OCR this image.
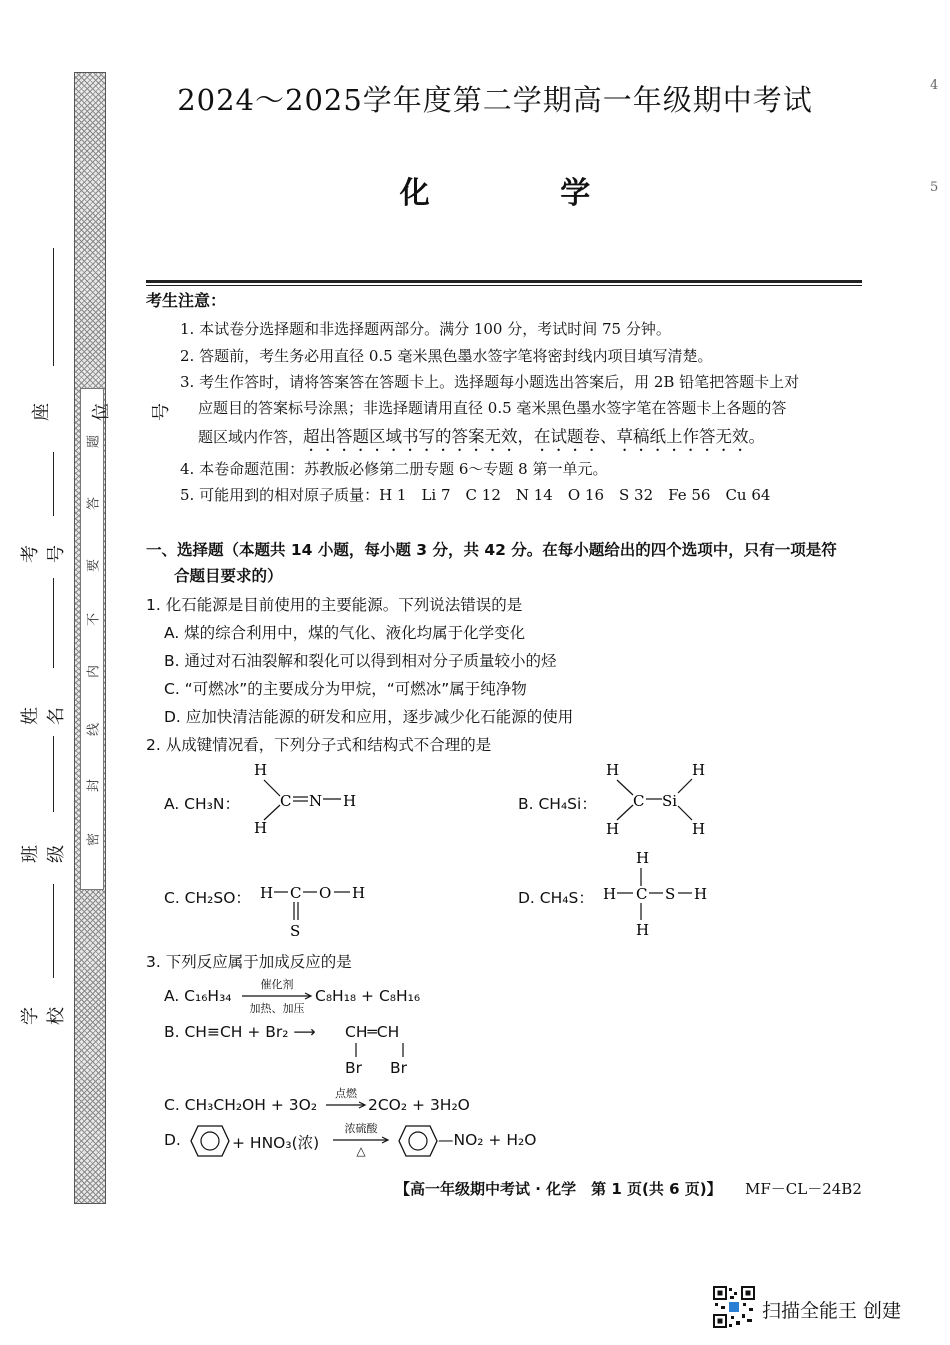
4
5
题
答
要
不
内
线
封
密
座位号
考号
姓名
班级
学校
2024～2025学年度第二学期高一年级期中考试
化 学
考生注意：
1. 本试卷分选择题和非选择题两部分。满分 100 分，考试时间 75 分钟。
2. 答题前，考生务必用直径 0.5 毫米黑色墨水签字笔将密封线内项目填写清楚。
3. 考生作答时，请将答案答在答题卡上。选择题每小题选出答案后，用 2B 铅笔把答题卡上对
应题目的答案标号涂黑；非选择题请用直径 0.5 毫米黑色墨水签字笔在答题卡上各题的答
题区域内作答，超出答题区域书写的答案无效，在试题卷、草稿纸上作答无效。
4. 本卷命题范围：苏教版必修第二册专题 6～专题 8 第一单元。
5. 可能用到的相对原子质量：H 1　Li 7　C 12　N 14　O 16　S 32　Fe 56　Cu 64
一、选择题（本题共 14 小题，每小题 3 分，共 42 分。在每小题给出的四个选项中，只有一项是符
合题目要求的）
1. 化石能源是目前使用的主要能源。下列说法错误的是
A. 煤的综合利用中，煤的气化、液化均属于化学变化
B. 通过对石油裂解和裂化可以得到相对分子质量较小的烃
C. “可燃冰”的主要成分为甲烷，“可燃冰”属于纯净物
D. 应加快清洁能源的研发和应用，逐步减少化石能源的使用
2. 从成键情况看，下列分子式和结构式不合理的是
A. CH₃N：
H
H
C N H	B. CH₄Si：
H
H
C Si
H
H
C. CH₂SO： H C O H
S
D. CH₄S：
H
H C S H
H
3. 下列反应属于加成反应的是
A. C₁₆H₃₄
催化剂
加热、加压
C₈H₁₈ + C₈H₁₆
B. CH≡CH + Br₂ ⟶ CH═CH
Br Br
C. CH₃CH₂OH + 3O₂
点燃
→ 2CO₂ + 3H₂O
D.	+ HNO₃(浓)
浓硫酸
△
—NO₂ + H₂O
【高一年级期中考试 · 化学　第 1 页(共 6 页)】 MF－CL－24B2
扫描全能王 创建
